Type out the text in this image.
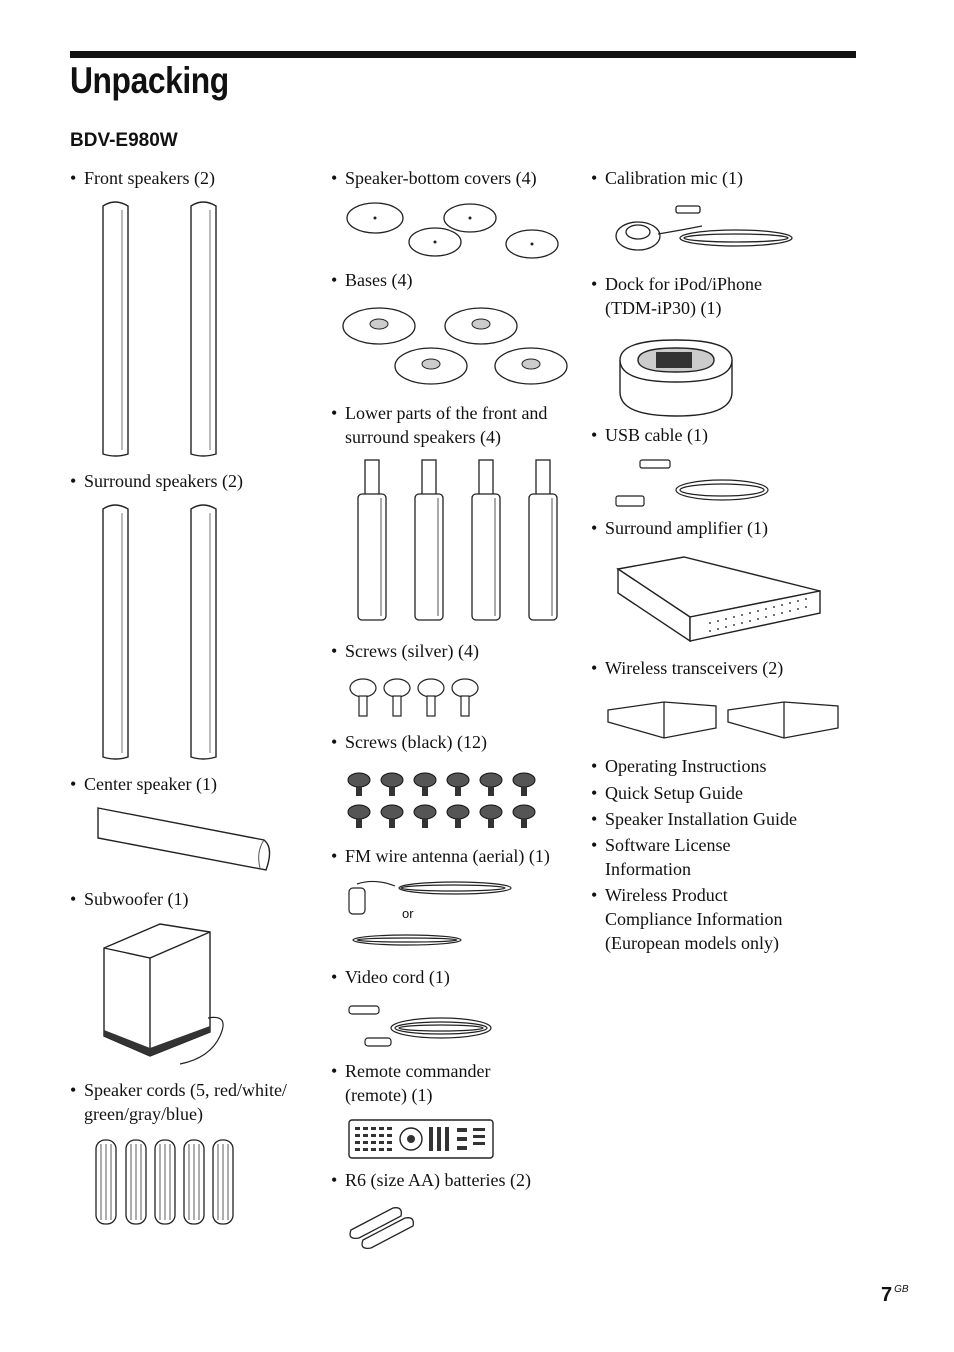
Unpacking
BDV-E980W
• Front speakers (2)
• Surround speakers (2)
• Center speaker (1)
• Subwoofer (1)
• Speaker cords (5, red/white/
green/gray/blue)
• Speaker-bottom covers (4)
• Bases (4)
• Lower parts of the front and
surround speakers (4)
• Screws (silver) (4)
• Screws (black) (12)
• FM wire antenna (aerial) (1)
or
• Video cord (1)
• Remote commander
(remote) (1)
• R6 (size AA) batteries (2)
• Calibration mic (1)
• Dock for iPod/iPhone
(TDM-iP30) (1)
• USB cable (1)
• Surround amplifier (1)
• Wireless transceivers (2)
• Operating Instructions
• Quick Setup Guide
• Speaker Installation Guide
• Software License
Information
• Wireless Product
Compliance Information
(European models only)
7 $^{GB}$
